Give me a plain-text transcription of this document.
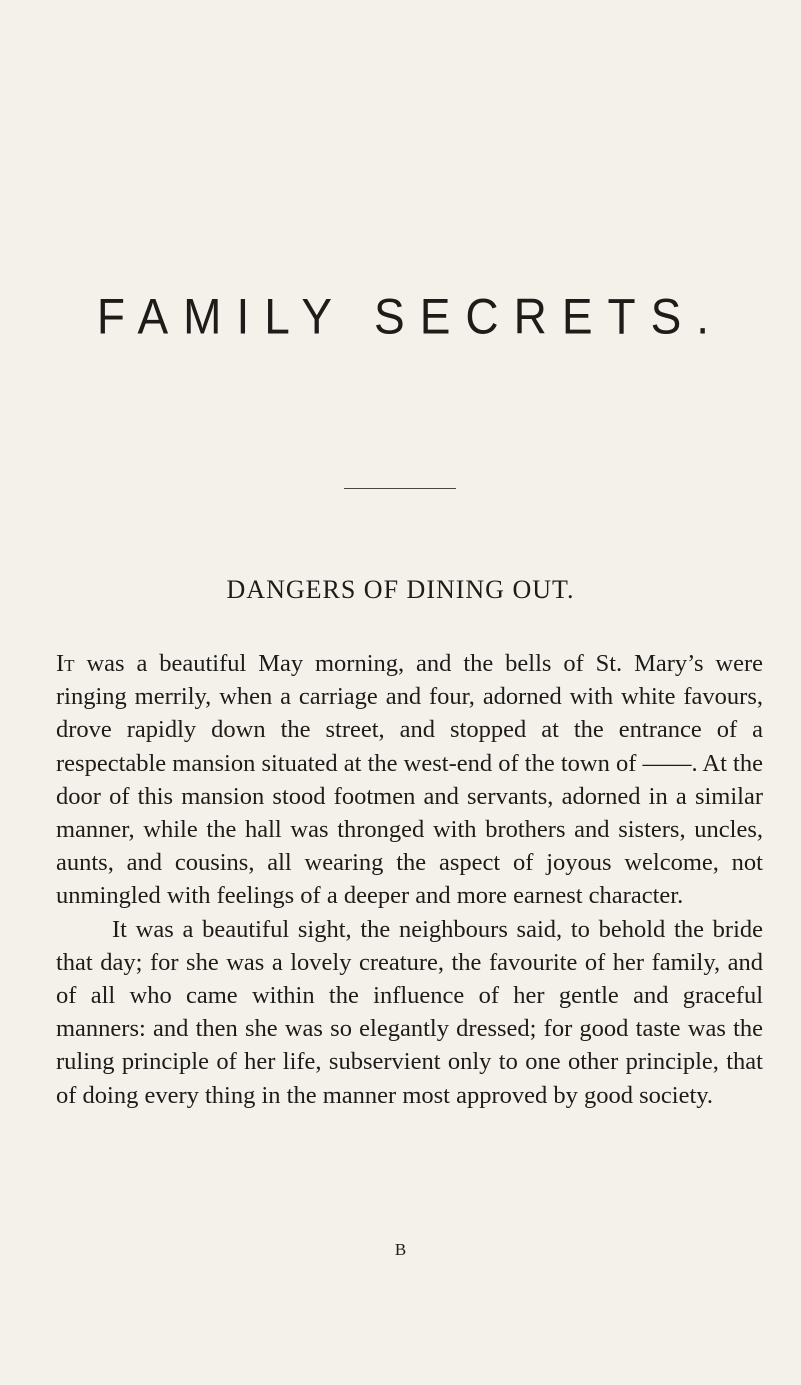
FAMILY SECRETS.
DANGERS OF DINING OUT.

It was a beautiful May morning, and the bells of St. Mary’s were ringing merrily, when a carriage and four, adorned with white favours, drove rapidly down the street, and stopped at the entrance of a respectable mansion situated at the west-end of the town of ——. At the door of this mansion stood footmen and servants, adorned in a similar manner, while the hall was thronged with brothers and sisters, uncles, aunts, and cousins, all wearing the aspect of joyous welcome, not unmingled with feelings of a deeper and more earnest character.

It was a beautiful sight, the neighbours said, to behold the bride that day; for she was a lovely creature, the favourite of her family, and of all who came within the influence of her gentle and graceful manners: and then she was so elegantly dressed; for good taste was the ruling principle of her life, subservient only to one other principle, that of doing every thing in the manner most approved by good society.

B
